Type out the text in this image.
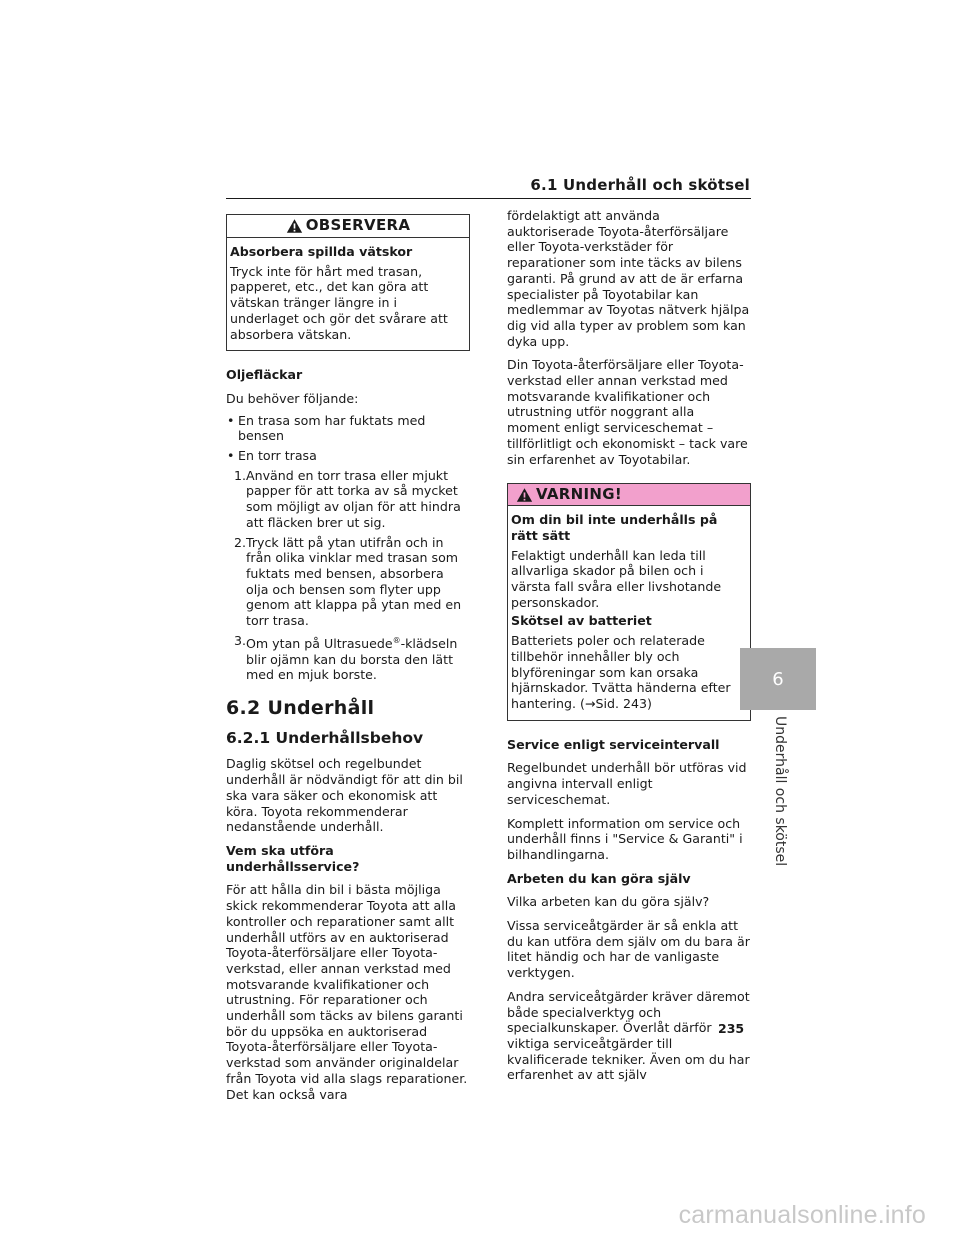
6.1 Underhåll och skötsel
OBSERVERA

Absorbera spillda vätskor

Tryck inte för hårt med trasan, papperet, etc., det kan göra att vätskan tränger längre in i underlaget och gör det svårare att absorbera vätskan.

Oljefläckar

Du behöver följande:

• En trasa som har fuktats med bensen
• En torr trasa
1. Använd en torr trasa eller mjukt papper för att torka av så mycket som möjligt av oljan för att hindra att fläcken brer ut sig.
2. Tryck lätt på ytan utifrån och in från olika vinklar med trasan som fuktats med bensen, absorbera olja och bensen som flyter upp genom att klappa på ytan med en torr trasa.
3. Om ytan på Ultrasuede®-klädseln blir ojämn kan du borsta den lätt med en mjuk borste.
6.2 Underhåll
6.2.1 Underhållsbehov

Daglig skötsel och regelbundet underhåll är nödvändigt för att din bil ska vara säker och ekonomisk att köra. Toyota rekommenderar nedanstående underhåll.

Vem ska utföra underhållsservice?

För att hålla din bil i bästa möjliga skick rekommenderar Toyota att alla kontroller och reparationer samt allt underhåll utförs av en auktoriserad Toyota-återförsäljare eller Toyota-verkstad, eller annan verkstad med motsvarande kvalifikationer och utrustning. För reparationer och underhåll som täcks av bilens garanti bör du uppsöka en auktoriserad Toyota-återförsäljare eller Toyota-verkstad som använder originaldelar från Toyota vid alla slags reparationer. Det kan också vara

fördelaktigt att använda auktoriserade Toyota-återförsäljare eller Toyota-verkstäder för reparationer som inte täcks av bilens garanti. På grund av att de är erfarna specialister på Toyotabilar kan medlemmar av Toyotas nätverk hjälpa dig vid alla typer av problem som kan dyka upp.

Din Toyota-återförsäljare eller Toyota-verkstad eller annan verkstad med motsvarande kvalifikationer och utrustning utför noggrant alla moment enligt serviceschemat – tillförlitligt och ekonomiskt – tack vare sin erfarenhet av Toyotabilar.

VARNING!

Om din bil inte underhålls på rätt sätt

Felaktigt underhåll kan leda till allvarliga skador på bilen och i värsta fall svåra eller livshotande personskador.

Skötsel av batteriet

Batteriets poler och relaterade tillbehör innehåller bly och blyföreningar som kan orsaka hjärnskador. Tvätta händerna efter hantering. (→Sid. 243)

Service enligt serviceintervall

Regelbundet underhåll bör utföras vid angivna intervall enligt serviceschemat.

Komplett information om service och underhåll finns i "Service & Garanti" i bilhandlingarna.

Arbeten du kan göra själv

Vilka arbeten kan du göra själv?

Vissa serviceåtgärder är så enkla att du kan utföra dem själv om du bara är litet händig och har de vanligaste verktygen.

Andra serviceåtgärder kräver däremot både specialverktyg och specialkunskaper. Överlåt därför viktiga serviceåtgärder till kvalificerade tekniker. Även om du har erfarenhet av att själv

6
Underhåll och skötsel
235
carmanualsonline.info
